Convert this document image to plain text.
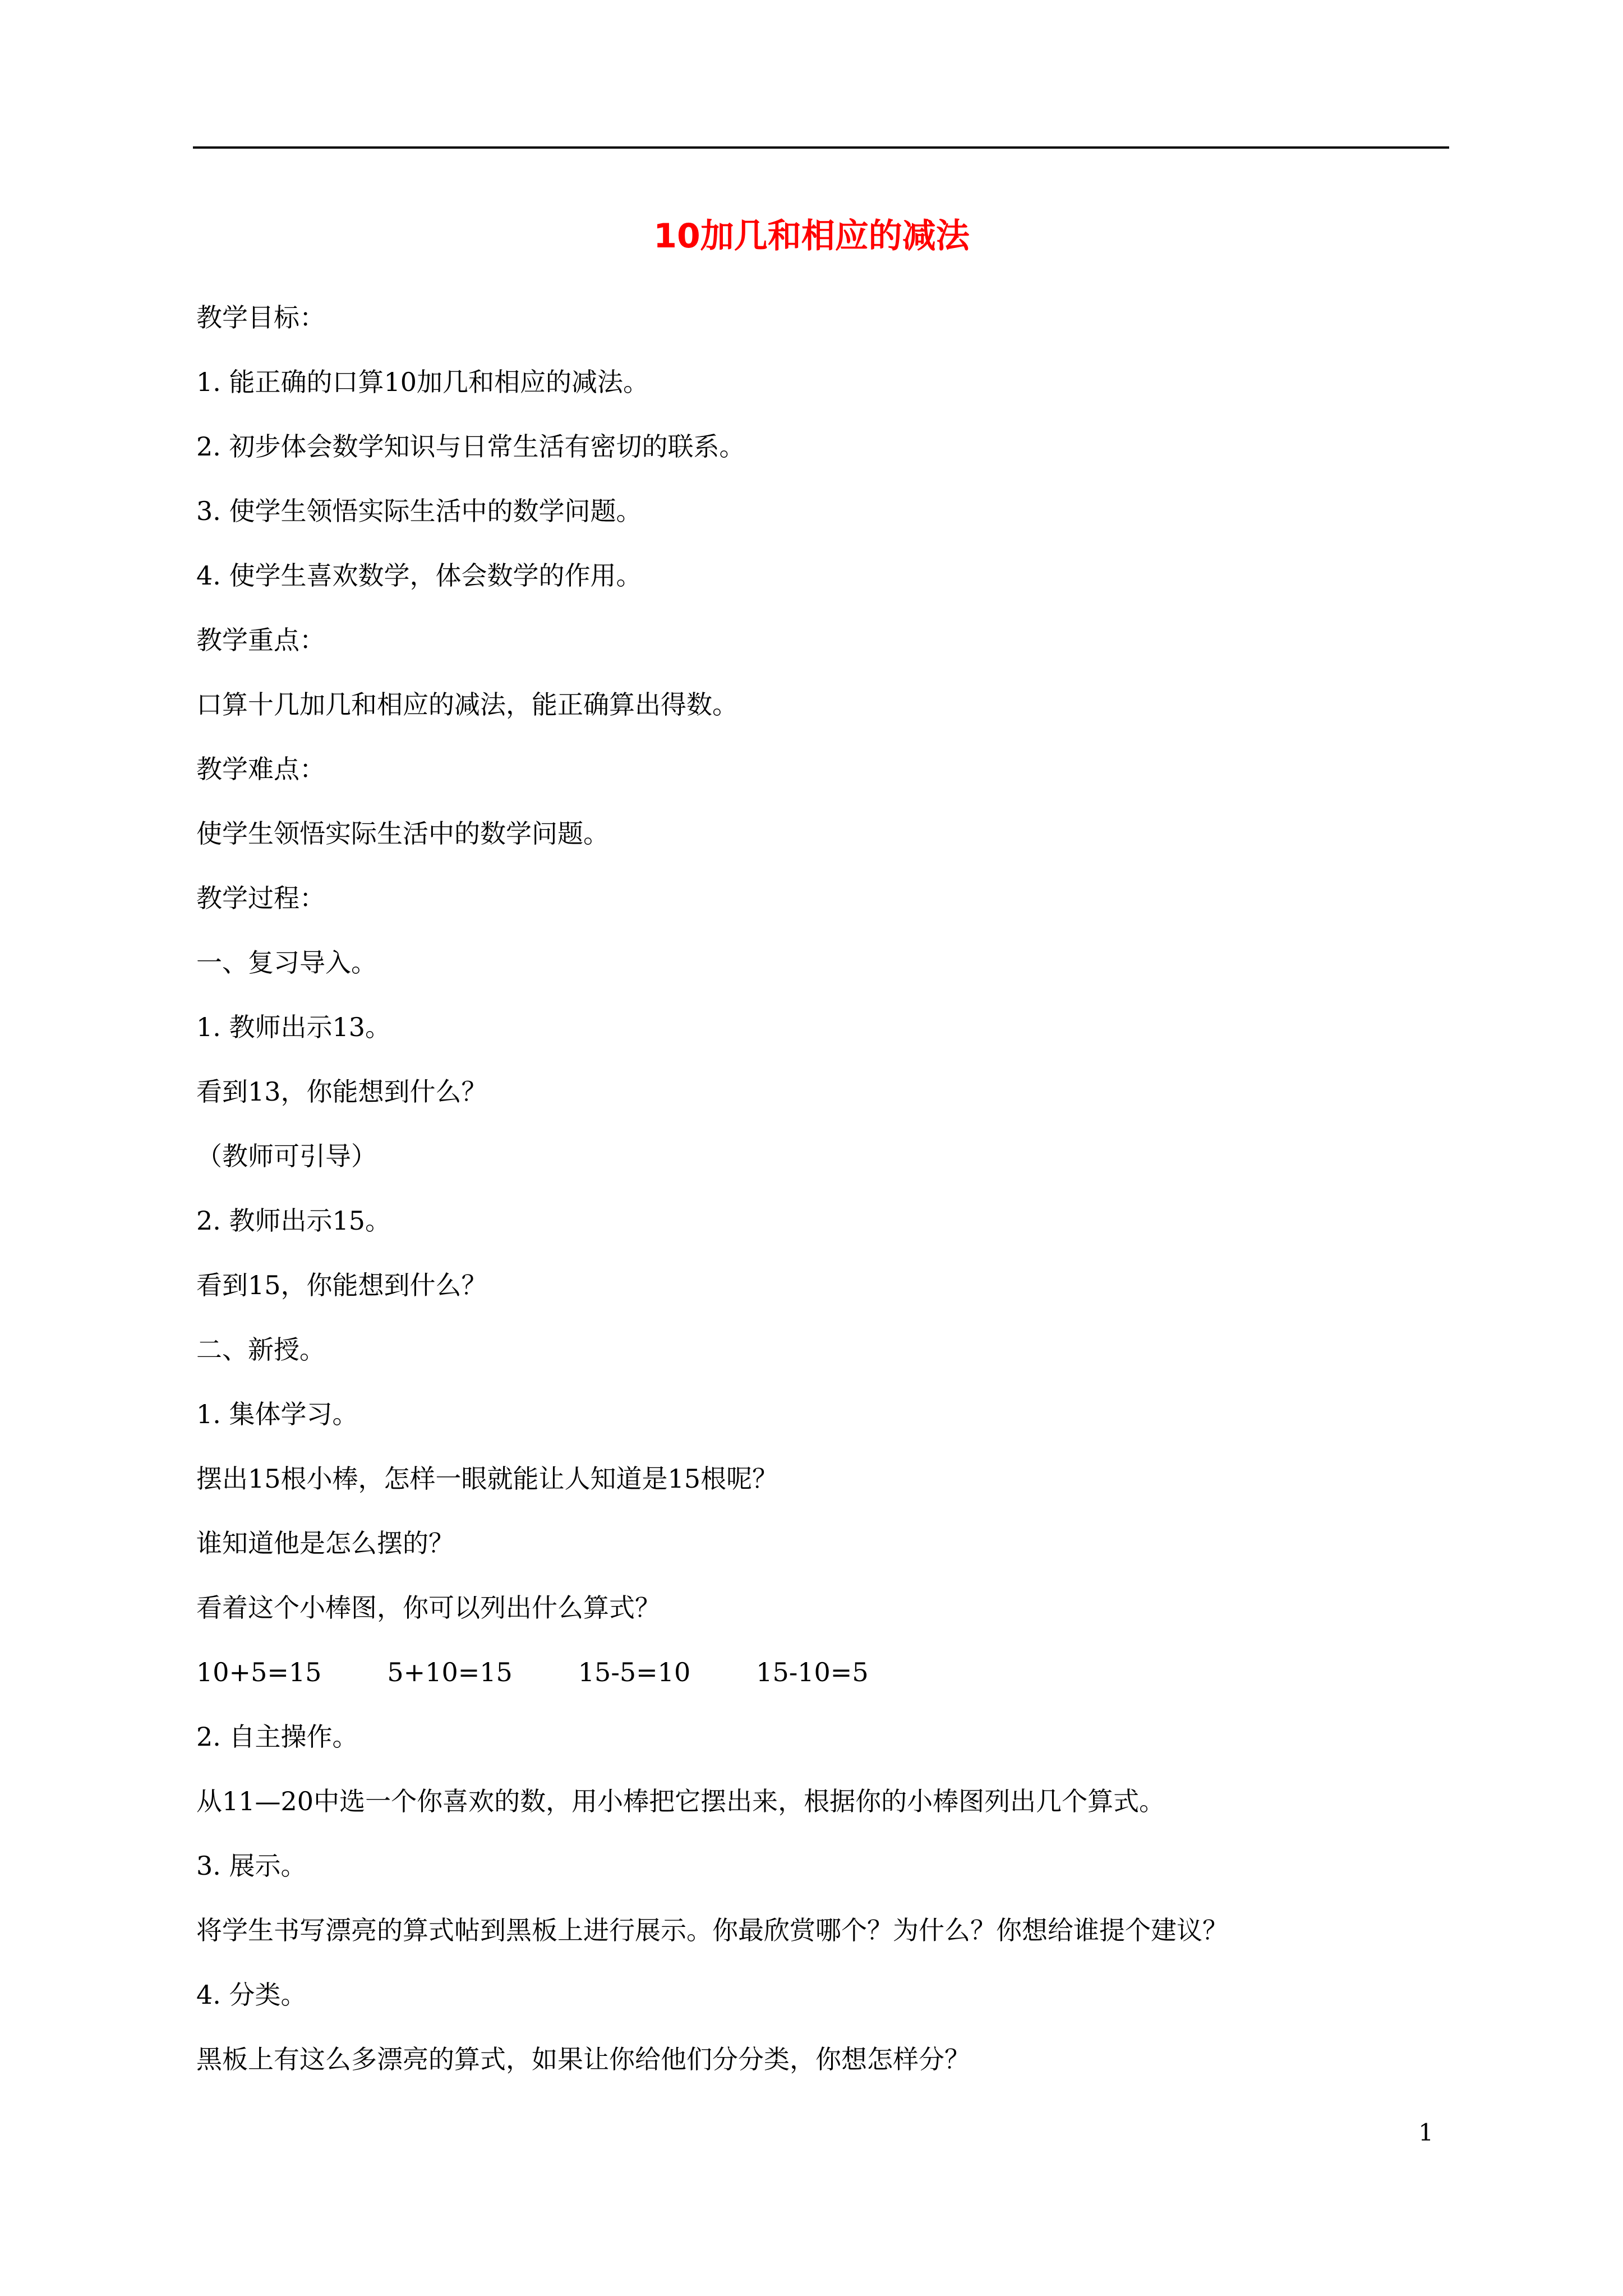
10加几和相应的减法
教学目标：
1. 能正确的口算10加几和相应的减法。
2. 初步体会数学知识与日常生活有密切的联系。
3. 使学生领悟实际生活中的数学问题。
4. 使学生喜欢数学，体会数学的作用。
教学重点：
口算十几加几和相应的减法，能正确算出得数。
教学难点：
使学生领悟实际生活中的数学问题。
教学过程：
一、复习导入。
1. 教师出示13。
看到13，你能想到什么？
（教师可引导）
2. 教师出示15。
看到15，你能想到什么？
二、新授。
1. 集体学习。
摆出15根小棒，怎样一眼就能让人知道是15根呢？
谁知道他是怎么摆的？
看着这个小棒图，你可以列出什么算式？
10+5=15        5+10=15        15-5=10        15-10=5
2. 自主操作。
从11—20中选一个你喜欢的数，用小棒把它摆出来，根据你的小棒图列出几个算式。
3. 展示。
将学生书写漂亮的算式帖到黑板上进行展示。你最欣赏哪个？为什么？你想给谁提个建议？
4. 分类。
黑板上有这么多漂亮的算式，如果让你给他们分分类，你想怎样分？
1
